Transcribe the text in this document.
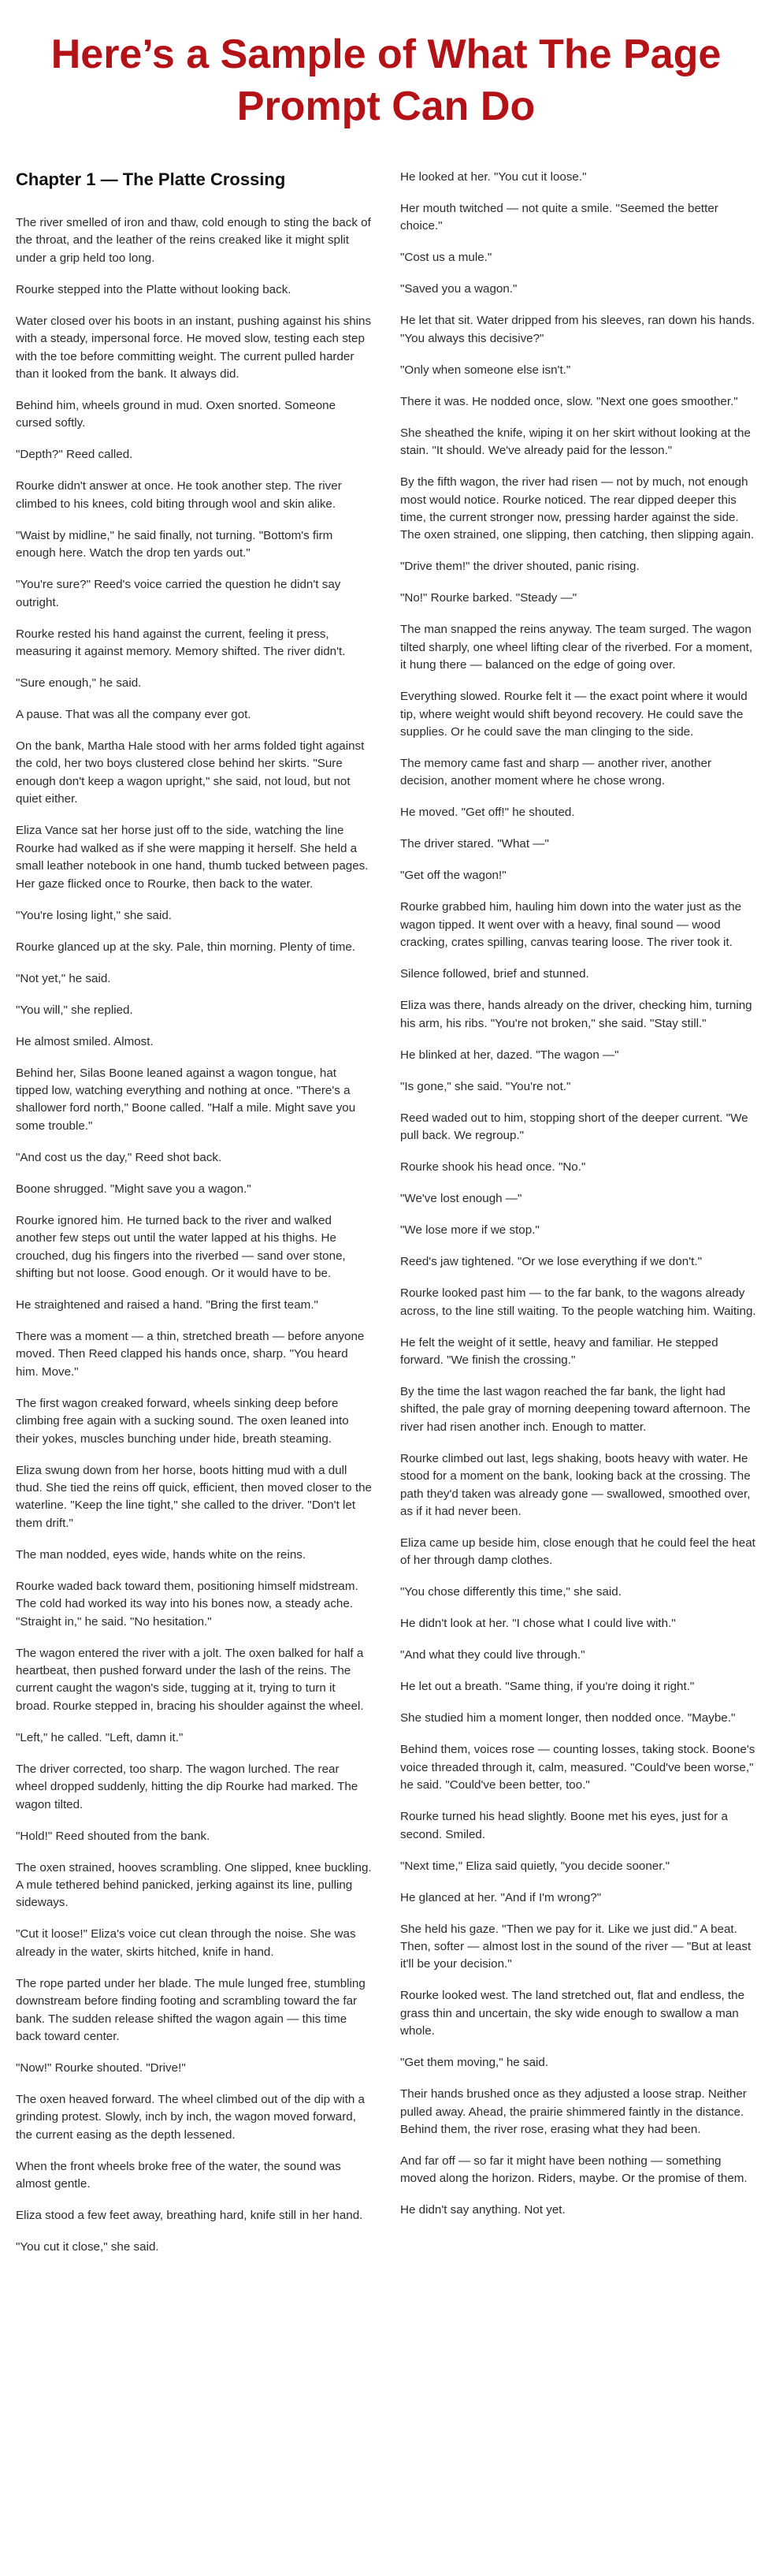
Here’s a Sample of What The Page Prompt Can Do
Chapter 1 — The Platte Crossing

The river smelled of iron and thaw, cold enough to sting the back of the throat, and the leather of the reins creaked like it might split under a grip held too long.

Rourke stepped into the Platte without looking back.

Water closed over his boots in an instant, pushing against his shins with a steady, impersonal force. He moved slow, testing each step with the toe before committing weight. The current pulled harder than it looked from the bank. It always did.

Behind him, wheels ground in mud. Oxen snorted. Someone cursed softly.

"Depth?" Reed called.

Rourke didn't answer at once. He took another step. The river climbed to his knees, cold biting through wool and skin alike.

"Waist by midline," he said finally, not turning. "Bottom's firm enough here. Watch the drop ten yards out."

"You're sure?" Reed's voice carried the question he didn't say outright.

Rourke rested his hand against the current, feeling it press, measuring it against memory. Memory shifted. The river didn't.

"Sure enough," he said.

A pause. That was all the company ever got.

On the bank, Martha Hale stood with her arms folded tight against the cold, her two boys clustered close behind her skirts. "Sure enough don't keep a wagon upright," she said, not loud, but not quiet either.

Eliza Vance sat her horse just off to the side, watching the line Rourke had walked as if she were mapping it herself. She held a small leather notebook in one hand, thumb tucked between pages. Her gaze flicked once to Rourke, then back to the water.

"You're losing light," she said.

Rourke glanced up at the sky. Pale, thin morning. Plenty of time.

"Not yet," he said.

"You will," she replied.

He almost smiled. Almost.

Behind her, Silas Boone leaned against a wagon tongue, hat tipped low, watching everything and nothing at once. "There's a shallower ford north," Boone called. "Half a mile. Might save you some trouble."

"And cost us the day," Reed shot back.

Boone shrugged. "Might save you a wagon."

Rourke ignored him. He turned back to the river and walked another few steps out until the water lapped at his thighs. He crouched, dug his fingers into the riverbed — sand over stone, shifting but not loose. Good enough. Or it would have to be.

He straightened and raised a hand. "Bring the first team."

There was a moment — a thin, stretched breath — before anyone moved. Then Reed clapped his hands once, sharp. "You heard him. Move."

The first wagon creaked forward, wheels sinking deep before climbing free again with a sucking sound. The oxen leaned into their yokes, muscles bunching under hide, breath steaming.

Eliza swung down from her horse, boots hitting mud with a dull thud. She tied the reins off quick, efficient, then moved closer to the waterline. "Keep the line tight," she called to the driver. "Don't let them drift."

The man nodded, eyes wide, hands white on the reins.

Rourke waded back toward them, positioning himself midstream. The cold had worked its way into his bones now, a steady ache. "Straight in," he said. "No hesitation."

The wagon entered the river with a jolt. The oxen balked for half a heartbeat, then pushed forward under the lash of the reins. The current caught the wagon's side, tugging at it, trying to turn it broad. Rourke stepped in, bracing his shoulder against the wheel.

"Left," he called. "Left, damn it."

The driver corrected, too sharp. The wagon lurched. The rear wheel dropped suddenly, hitting the dip Rourke had marked. The wagon tilted.

"Hold!" Reed shouted from the bank.

The oxen strained, hooves scrambling. One slipped, knee buckling. A mule tethered behind panicked, jerking against its line, pulling sideways.

"Cut it loose!" Eliza's voice cut clean through the noise. She was already in the water, skirts hitched, knife in hand.

The rope parted under her blade. The mule lunged free, stumbling downstream before finding footing and scrambling toward the far bank. The sudden release shifted the wagon again — this time back toward center.

"Now!" Rourke shouted. "Drive!"

The oxen heaved forward. The wheel climbed out of the dip with a grinding protest. Slowly, inch by inch, the wagon moved forward, the current easing as the depth lessened.

When the front wheels broke free of the water, the sound was almost gentle.

Eliza stood a few feet away, breathing hard, knife still in her hand.

"You cut it close," she said.

He looked at her. "You cut it loose."

Her mouth twitched — not quite a smile. "Seemed the better choice."

"Cost us a mule."

"Saved you a wagon."

He let that sit. Water dripped from his sleeves, ran down his hands. "You always this decisive?"

"Only when someone else isn't."

There it was. He nodded once, slow. "Next one goes smoother."

She sheathed the knife, wiping it on her skirt without looking at the stain. "It should. We've already paid for the lesson."

By the fifth wagon, the river had risen — not by much, not enough most would notice. Rourke noticed. The rear dipped deeper this time, the current stronger now, pressing harder against the side. The oxen strained, one slipping, then catching, then slipping again.

"Drive them!" the driver shouted, panic rising.

"No!" Rourke barked. "Steady —"

The man snapped the reins anyway. The team surged. The wagon tilted sharply, one wheel lifting clear of the riverbed. For a moment, it hung there — balanced on the edge of going over.

Everything slowed. Rourke felt it — the exact point where it would tip, where weight would shift beyond recovery. He could save the supplies. Or he could save the man clinging to the side.

The memory came fast and sharp — another river, another decision, another moment where he chose wrong.

He moved. "Get off!" he shouted.

The driver stared. "What —"

"Get off the wagon!"

Rourke grabbed him, hauling him down into the water just as the wagon tipped. It went over with a heavy, final sound — wood cracking, crates spilling, canvas tearing loose. The river took it.

Silence followed, brief and stunned.

Eliza was there, hands already on the driver, checking him, turning his arm, his ribs. "You're not broken," she said. "Stay still."

He blinked at her, dazed. "The wagon —"

"Is gone," she said. "You're not."

Reed waded out to him, stopping short of the deeper current. "We pull back. We regroup."

Rourke shook his head once. "No."

"We've lost enough —"

"We lose more if we stop."

Reed's jaw tightened. "Or we lose everything if we don't."

Rourke looked past him — to the far bank, to the wagons already across, to the line still waiting. To the people watching him. Waiting.

He felt the weight of it settle, heavy and familiar. He stepped forward. "We finish the crossing."

By the time the last wagon reached the far bank, the light had shifted, the pale gray of morning deepening toward afternoon. The river had risen another inch. Enough to matter.

Rourke climbed out last, legs shaking, boots heavy with water. He stood for a moment on the bank, looking back at the crossing. The path they'd taken was already gone — swallowed, smoothed over, as if it had never been.

Eliza came up beside him, close enough that he could feel the heat of her through damp clothes.

"You chose differently this time," she said.

He didn't look at her. "I chose what I could live with."

"And what they could live through."

He let out a breath. "Same thing, if you're doing it right."

She studied him a moment longer, then nodded once. "Maybe."

Behind them, voices rose — counting losses, taking stock. Boone's voice threaded through it, calm, measured. "Could've been worse," he said. "Could've been better, too."

Rourke turned his head slightly. Boone met his eyes, just for a second. Smiled.

"Next time," Eliza said quietly, "you decide sooner."

He glanced at her. "And if I'm wrong?"

She held his gaze. "Then we pay for it. Like we just did." A beat. Then, softer — almost lost in the sound of the river — "But at least it'll be your decision."

Rourke looked west. The land stretched out, flat and endless, the grass thin and uncertain, the sky wide enough to swallow a man whole.

"Get them moving," he said.

Their hands brushed once as they adjusted a loose strap. Neither pulled away. Ahead, the prairie shimmered faintly in the distance. Behind them, the river rose, erasing what they had been.

And far off — so far it might have been nothing — something moved along the horizon. Riders, maybe. Or the promise of them.

He didn't say anything. Not yet.
